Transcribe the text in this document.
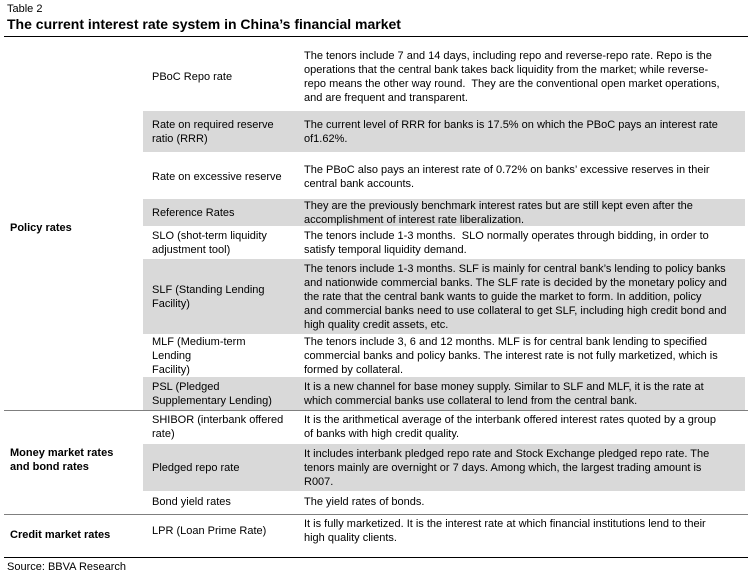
Table 2
The current interest rate system in China’s financial market
Policy rates
PBoC Repo rate
The tenors include 7 and 14 days, including repo and reverse-repo rate. Repo is the
operations that the central bank takes back liquidity from the market; while reverse-
repo means the other way round.  They are the conventional open market operations,
and are frequent and transparent.
Rate on required reserve
ratio (RRR)
The current level of RRR for banks is 17.5% on which the PBoC pays an interest rate
of1.62%.
Rate on excessive reserve
The PBoC also pays an interest rate of 0.72% on banks’ excessive reserves in their
central bank accounts.
Reference Rates
They are the previously benchmark interest rates but are still kept even after the
accomplishment of interest rate liberalization.
SLO (shot-term liquidity
adjustment tool)
The tenors include 1-3 months.  SLO normally operates through bidding, in order to
satisfy temporal liquidity demand.
SLF (Standing Lending
Facility)
The tenors include 1-3 months. SLF is mainly for central bank’s lending to policy banks
and nationwide commercial banks. The SLF rate is decided by the monetary policy and
the rate that the central bank wants to guide the market to form. In addition, policy
and commercial banks need to use collateral to get SLF, including high credit bond and
high quality credit assets, etc.
MLF (Medium-term Lending
Facility)
The tenors include 3, 6 and 12 months. MLF is for central bank lending to specified
commercial banks and policy banks. The interest rate is not fully marketized, which is
formed by collateral.
PSL (Pledged
Supplementary Lending)
It is a new channel for base money supply. Similar to SLF and MLF, it is the rate at
which commercial banks use collateral to lend from the central bank.
Money market rates
and bond rates
SHIBOR (interbank offered
rate)
It is the arithmetical average of the interbank offered interest rates quoted by a group
of banks with high credit quality.
Pledged repo rate
It includes interbank pledged repo rate and Stock Exchange pledged repo rate. The
tenors mainly are overnight or 7 days. Among which, the largest trading amount is
R007.
Bond yield rates	The yield rates of bonds.
Credit market rates	LPR (Loan Prime Rate)
It is fully marketized. It is the interest rate at which financial institutions lend to their
high quality clients.
Source: BBVA Research
